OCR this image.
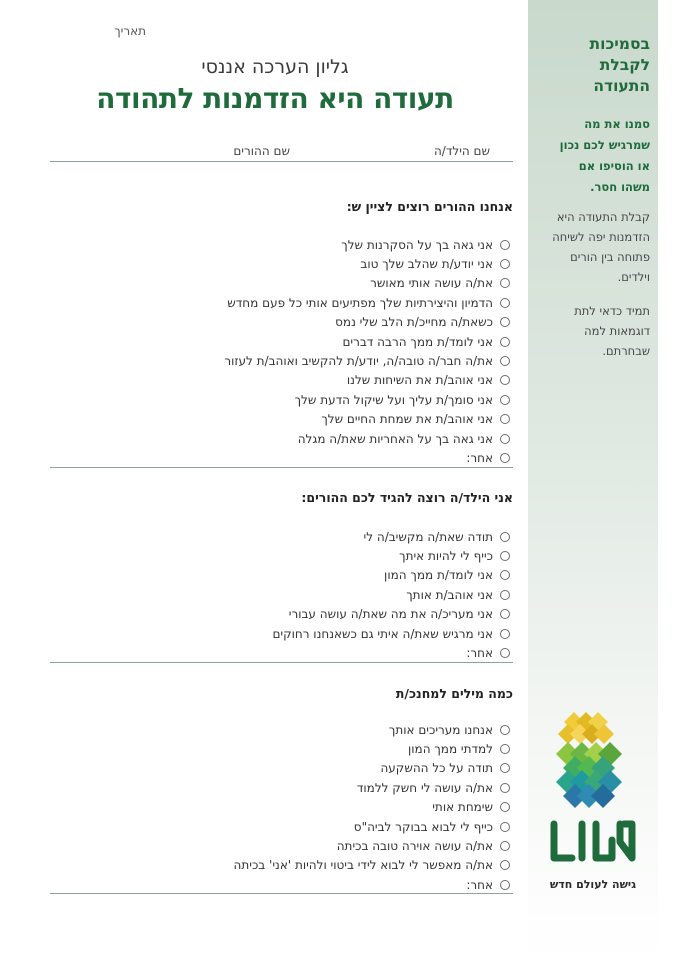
תאריך
גליון הערכה אננסי
תעודה היא הזדמנות לתהודה
שם הילד/ה
שם ההורים
אנחנו ההורים רוצים לציין ש:
אני גאה בך על הסקרנות שלך
אני יודע/ת שהלב שלך טוב
את/ה עושה אותי מאושר
הדמיון והיצירתיות שלך מפתיעים אותי כל פעם מחדש
כשאת/ה מחייכ/ת הלב שלי נמס
אני לומד/ת ממך הרבה דברים
את/ה חבר/ה טובה/ה, יודע/ת להקשיב ואוהב/ת לעזור
אני אוהב/ת את השיחות שלנו
אני סומך/ת עליך ועל שיקול הדעת שלך
אני אוהב/ת את שמחת החיים שלך
אני גאה בך על האחריות שאת/ה מגלה
אחר:
אני הילד/ה רוצה להגיד לכם ההורים:
תודה שאת/ה מקשיב/ה לי
כייף לי להיות איתך
אני לומד/ת ממך המון
אני אוהב/ת אותך
אני מעריכ/ה את מה שאת/ה עושה עבורי
אני מרגיש שאת/ה איתי גם כשאנחנו רחוקים
אחר:
כמה מילים למחנכ/ת
אנחנו מעריכים אותך
למדתי ממך המון
תודה על כל ההשקעה
את/ה עושה לי חשק ללמוד
שימחת אותי
כייף לי לבוא בבוקר לביה"ס
את/ה עושה אוירה טובה בכיתה
את/ה מאפשר לי לבוא לידי ביטוי ולהיות 'אני' בכיתה
אחר:
בסמיכות
לקבלת
התעודה
סמנו את מה
שמרגיש לכם נכון
או הוסיפו אם
משהו חסר.
קבלת התעודה היא
הזדמנות יפה לשיחה
פתוחה בין הורים
וילדים.
תמיד כדאי לתת
דוגמאות למה
שבחרתם.
גישה לעולם חדש
